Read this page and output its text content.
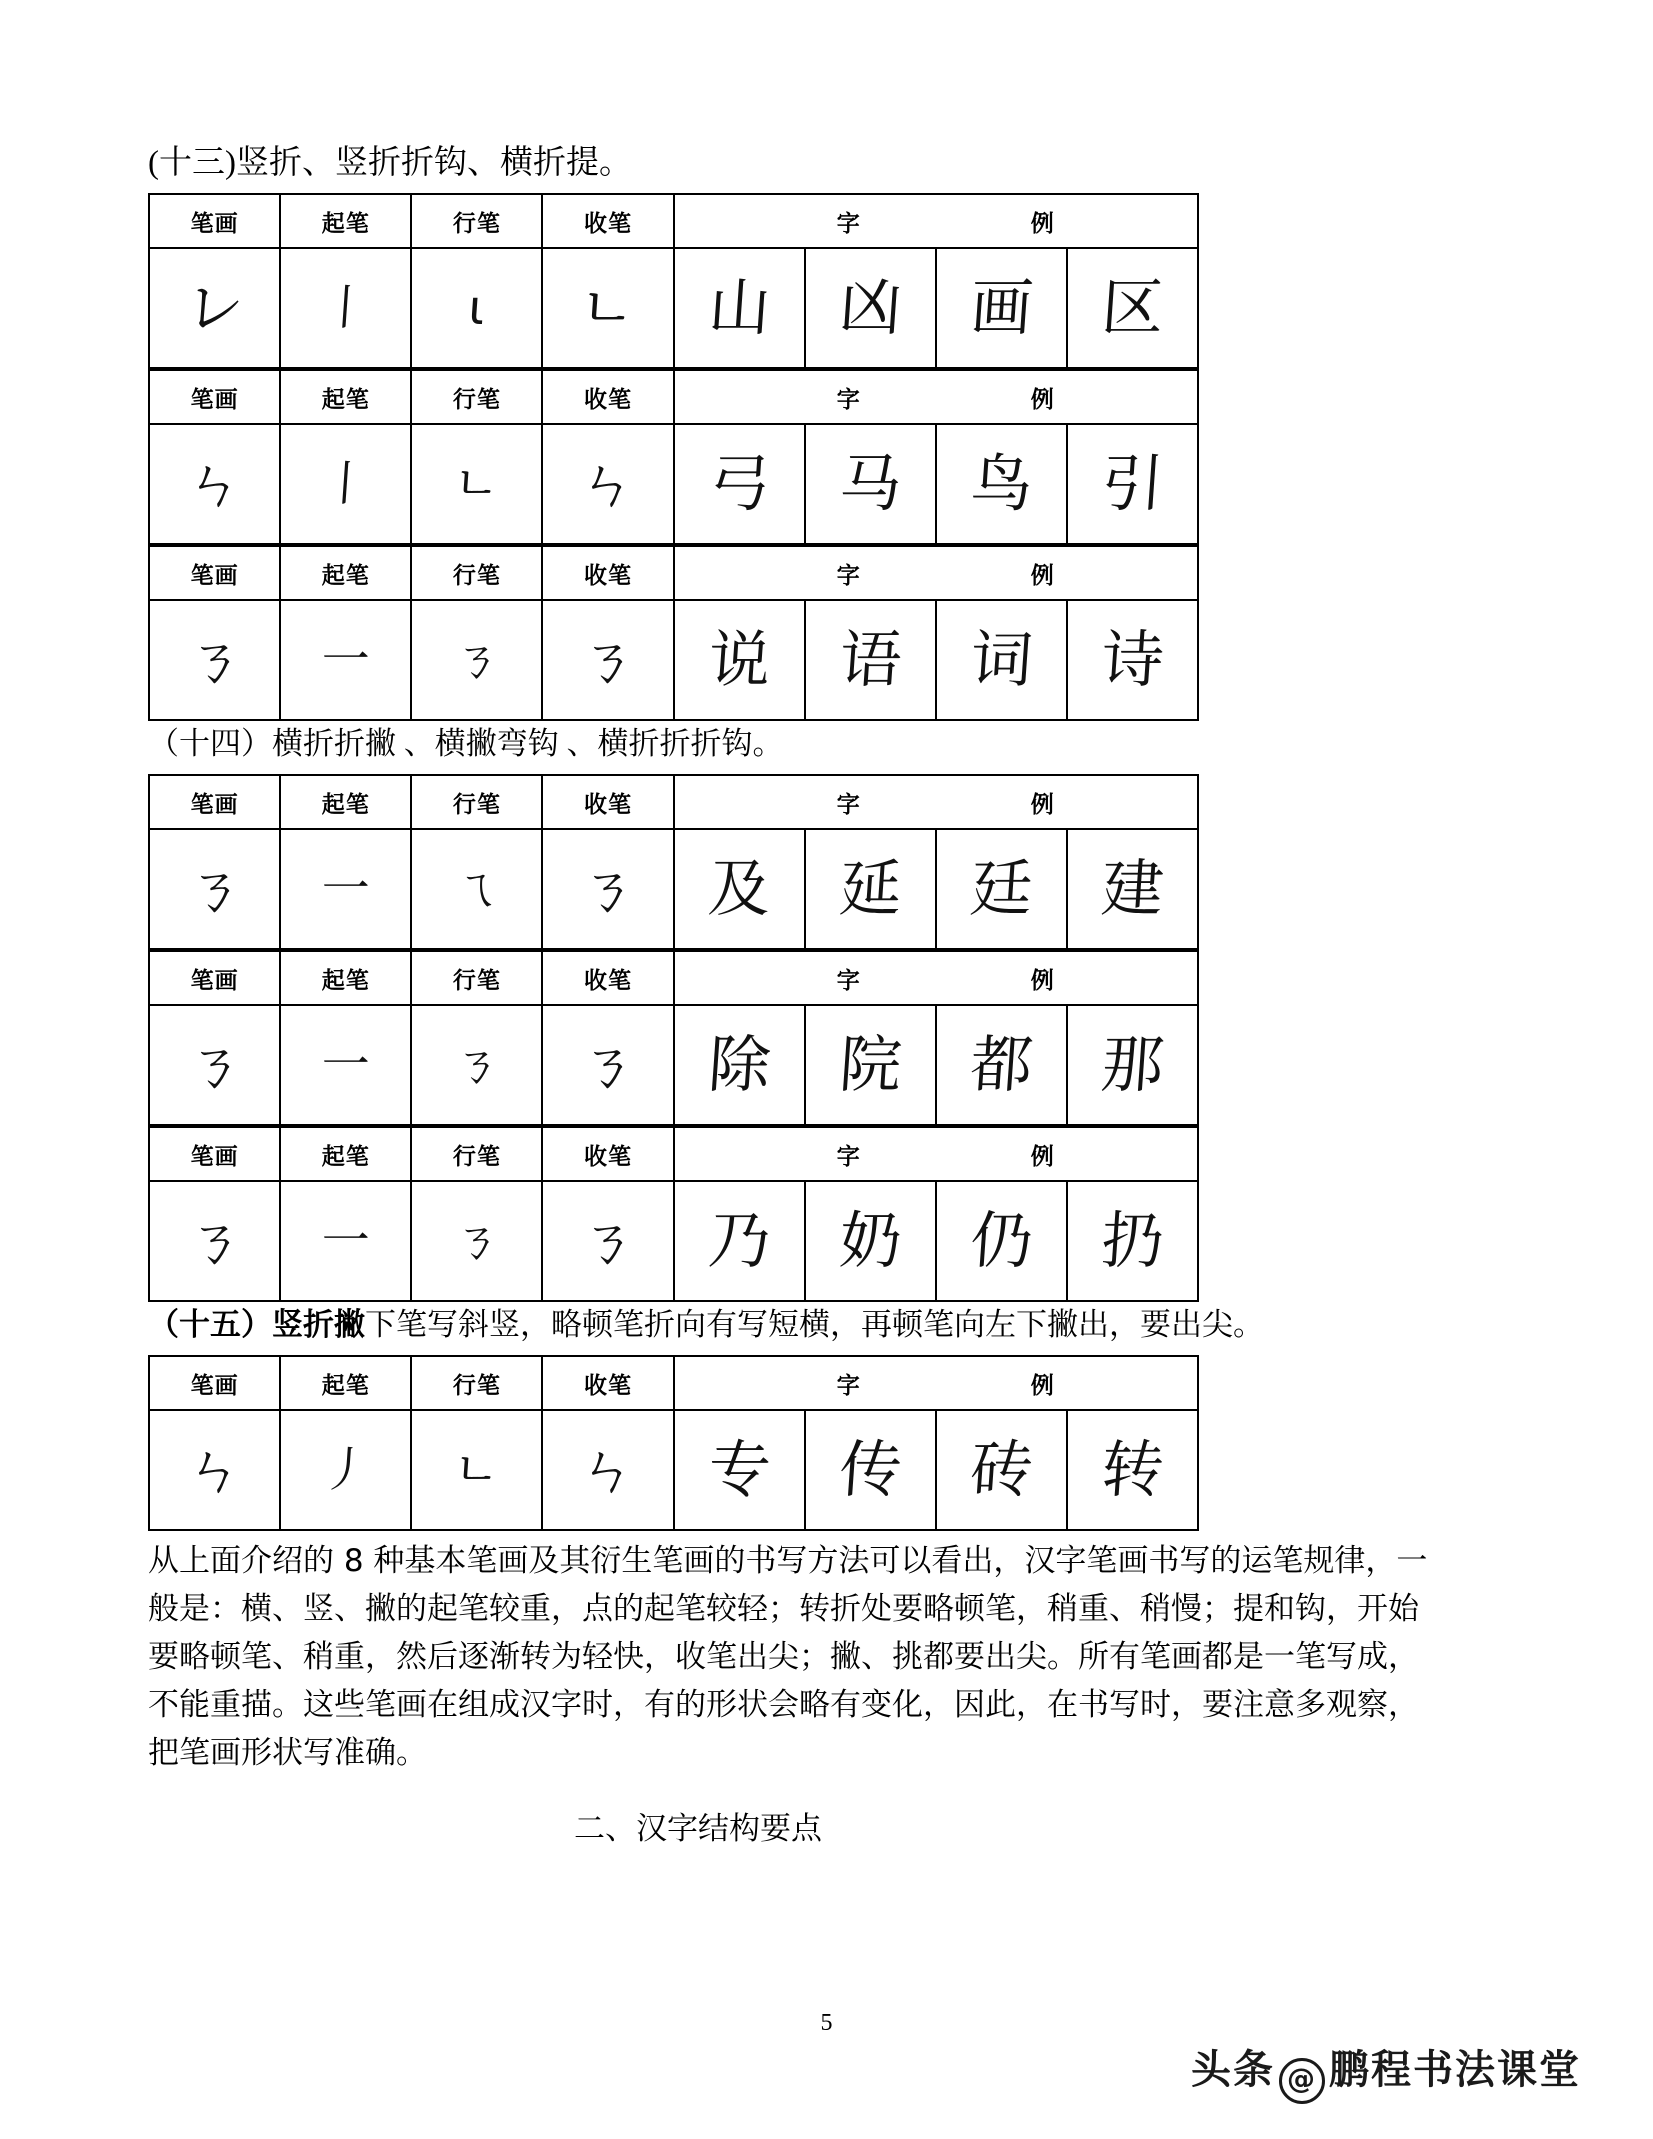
(十三)竖折、竖折折钩、横折提。
笔画	起笔	行笔	收笔	字 例			

レ	丨	ι	ㄴ	山	凶	画	区
笔画	起笔	行笔	收笔	字 例			

ㄣ	丨	ㄴ	ㄣ	弓	马	鸟	引
笔画	起笔	行笔	收笔	字 例			

ㄋ	一	ㄋ	ㄋ	说	语	词	诗
（十四）横折折撇 、横撇弯钩 、横折折折钩。
笔画	起笔	行笔	收笔	字 例			

ㄋ	一	ㄟ	ㄋ	及	延	廷	建
笔画	起笔	行笔	收笔	字 例			

ㄋ	一	ㄋ	ㄋ	除	院	都	那
笔画	起笔	行笔	收笔	字 例			

ㄋ	一	ㄋ	ㄋ	乃	奶	仍	扔
（十五）竖折撇下笔写斜竖，略顿笔折向有写短横，再顿笔向左下撇出，要出尖。
笔画	起笔	行笔	收笔	字 例			

ㄣ	丿	ㄴ	ㄣ	专	传	砖	转
从上面介绍的 8 种基本笔画及其衍生笔画的书写方法可以看出，汉字笔画书写的运笔规律，一
般是：横、竖、撇的起笔较重，点的起笔较轻；转折处要略顿笔，稍重、稍慢；提和钩，开始
要略顿笔、稍重，然后逐渐转为轻快，收笔出尖；撇、挑都要出尖。所有笔画都是一笔写成，
不能重描。这些笔画在组成汉字时，有的形状会略有变化，因此，在书写时，要注意多观察，
把笔画形状写准确。
二、汉字结构要点
5
头条 @ 鹏程书法课堂
